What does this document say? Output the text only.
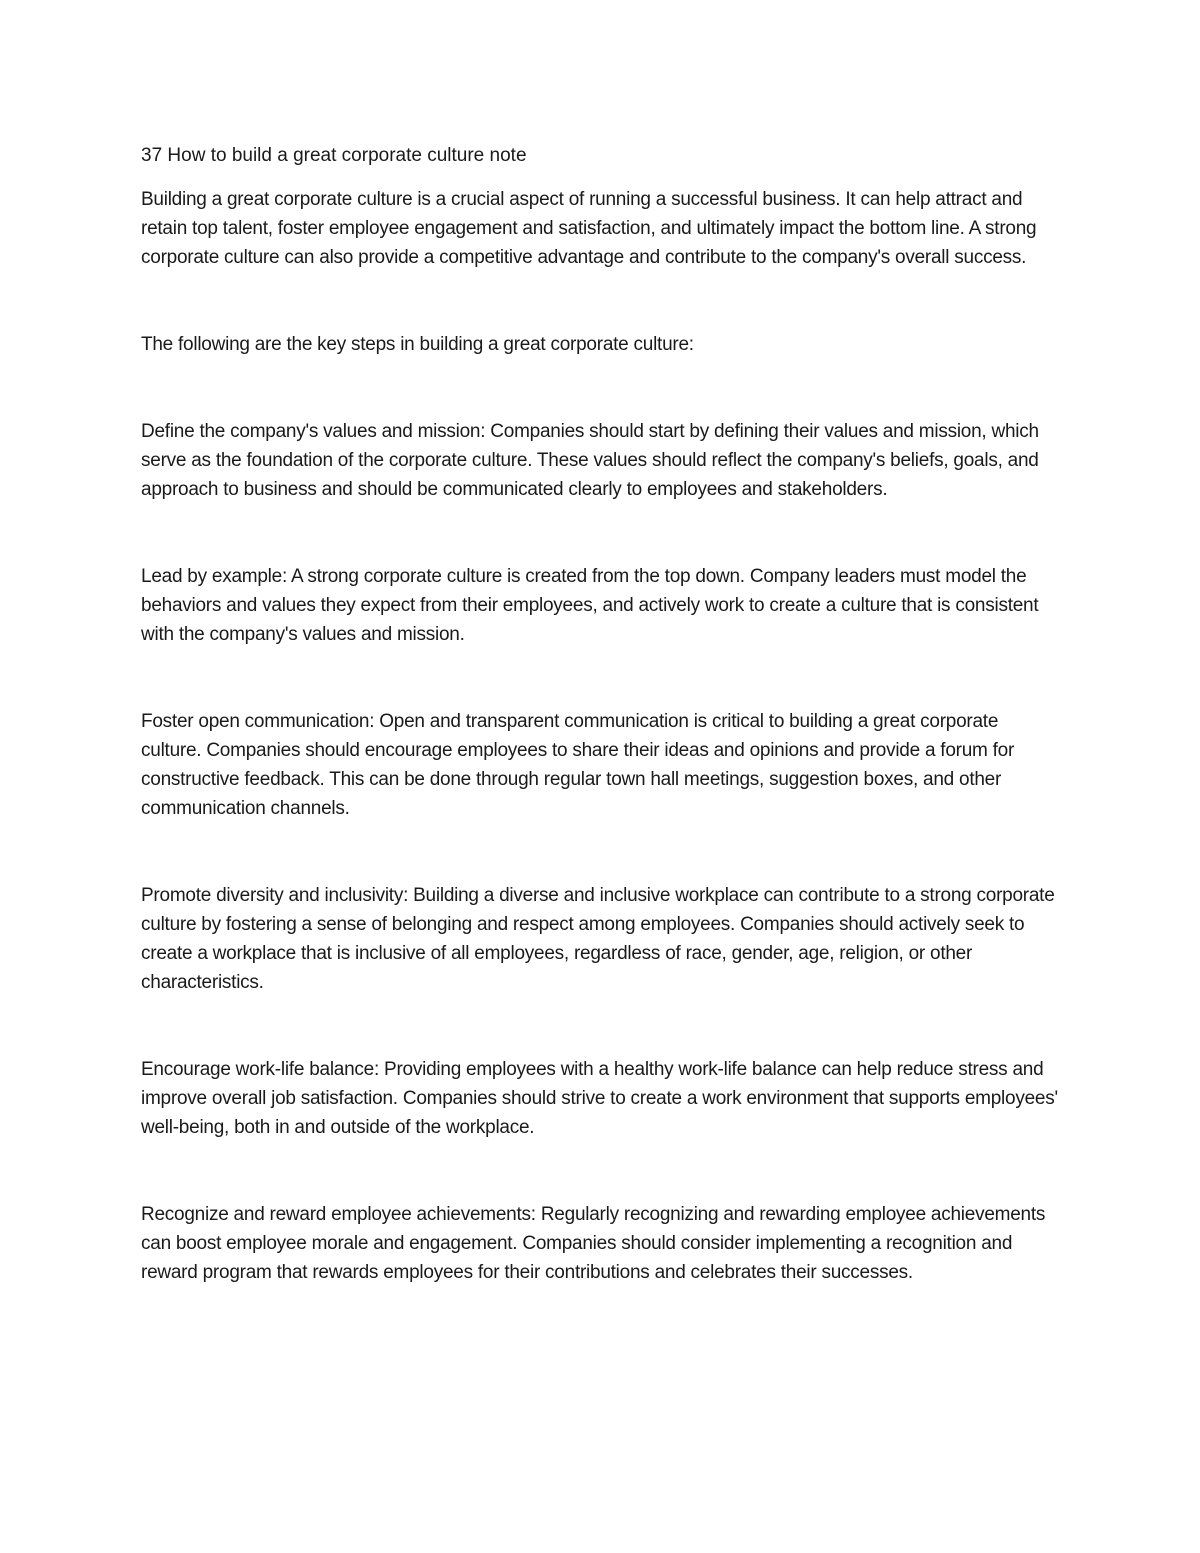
37 How to build a great corporate culture note

Building a great corporate culture is a crucial aspect of running a successful business. It can help attract and retain top talent, foster employee engagement and satisfaction, and ultimately impact the bottom line. A strong corporate culture can also provide a competitive advantage and contribute to the company's overall success.

The following are the key steps in building a great corporate culture:

Define the company's values and mission: Companies should start by defining their values and mission, which serve as the foundation of the corporate culture. These values should reflect the company's beliefs, goals, and approach to business and should be communicated clearly to employees and stakeholders.

Lead by example: A strong corporate culture is created from the top down. Company leaders must model the behaviors and values they expect from their employees, and actively work to create a culture that is consistent with the company's values and mission.

Foster open communication: Open and transparent communication is critical to building a great corporate culture. Companies should encourage employees to share their ideas and opinions and provide a forum for constructive feedback. This can be done through regular town hall meetings, suggestion boxes, and other communication channels.

Promote diversity and inclusivity: Building a diverse and inclusive workplace can contribute to a strong corporate culture by fostering a sense of belonging and respect among employees. Companies should actively seek to create a workplace that is inclusive of all employees, regardless of race, gender, age, religion, or other characteristics.

Encourage work-life balance: Providing employees with a healthy work-life balance can help reduce stress and improve overall job satisfaction. Companies should strive to create a work environment that supports employees' well-being, both in and outside of the workplace.

Recognize and reward employee achievements: Regularly recognizing and rewarding employee achievements can boost employee morale and engagement. Companies should consider implementing a recognition and reward program that rewards employees for their contributions and celebrates their successes.
